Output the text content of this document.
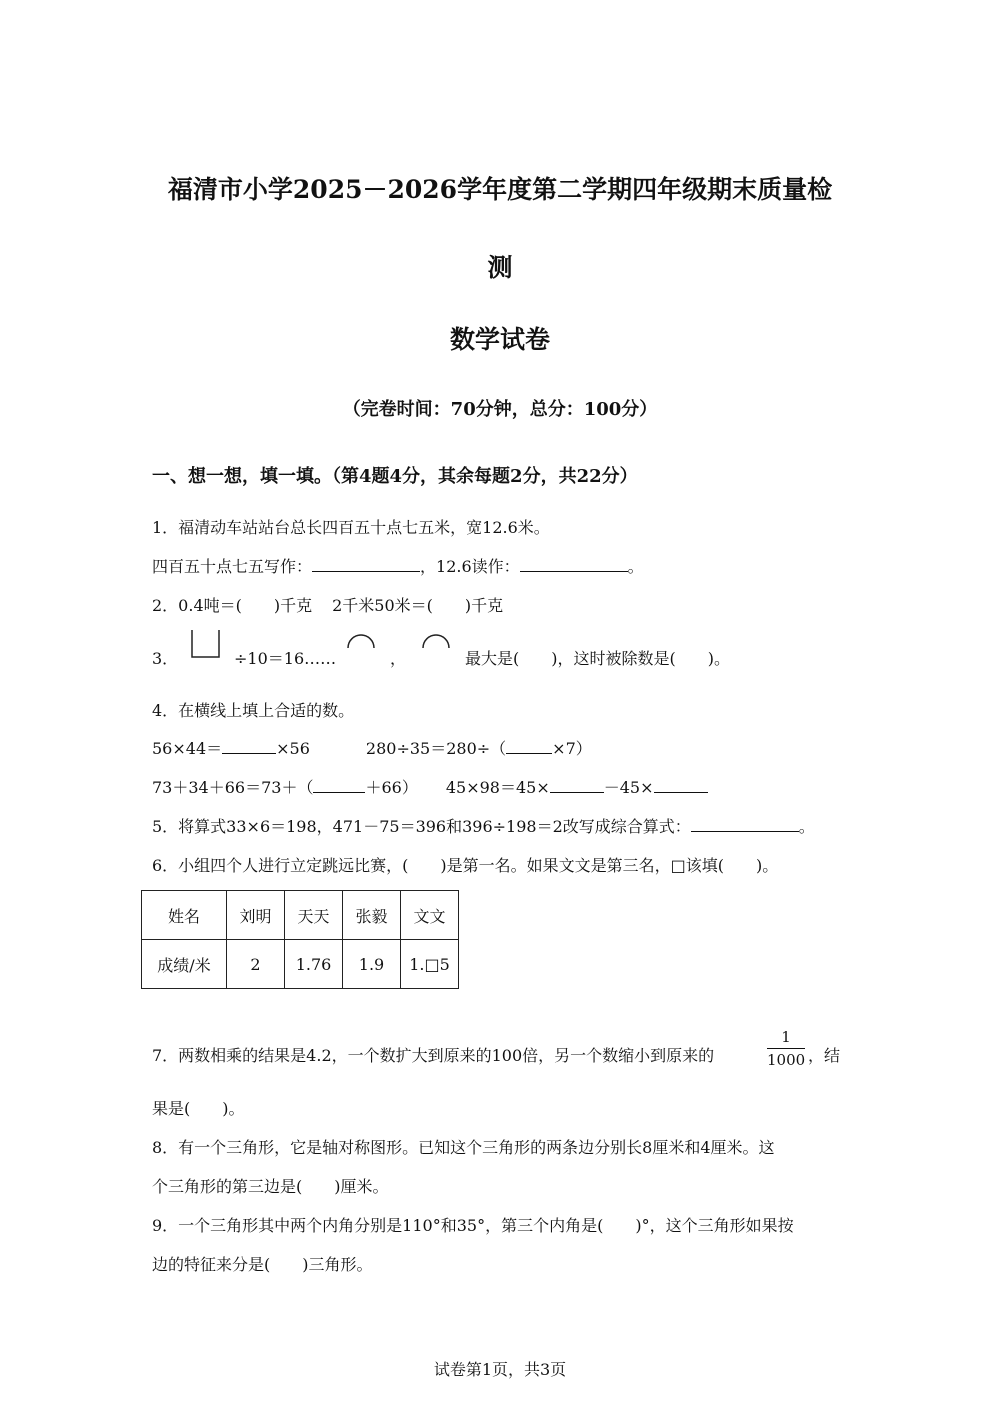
福清市小学2025－2026学年度第二学期四年级期末质量检
测
数学试卷
（完卷时间：70分钟，总分：100分）
一、想一想，填一填。（第4题4分，其余每题2分，共22分）
1．福清动车站站台总长四百五十点七五米，宽12.6米。
四百五十点七五写作：	，12.6读作：	。
2．0.4吨＝(　　)千克 2千米50米＝(　　)千克
3．	÷10＝16……	，	最大是(　　)，这时被除数是(　　)。
4．在横线上填上合适的数。
56×44＝	×56	280÷35＝280÷（	×7）
73＋34＋66＝73＋（	＋66） 45×98＝45×	－45×
5．将算式33×6＝198，471－75＝396和396÷198＝2改写成综合算式：	。
6．小组四个人进行立定跳远比赛，(　　)是第一名。如果文文是第三名，□该填(　　)。
姓名	刘明	天天	张毅	文文
成绩/米	2	1.76	1.9	1.□5
7．两数相乘的结果是4.2，一个数扩大到原来的100倍，另一个数缩小到原来的	$\frac{1}{1000}$ ，结
果是(　　)。
8．有一个三角形，它是轴对称图形。已知这个三角形的两条边分别长8厘米和4厘米。这
个三角形的第三边是(　　)厘米。
9．一个三角形其中两个内角分别是110°和35°，第三个内角是(　　)°，这个三角形如果按
边的特征来分是(　　)三角形。
试卷第1页，共3页
